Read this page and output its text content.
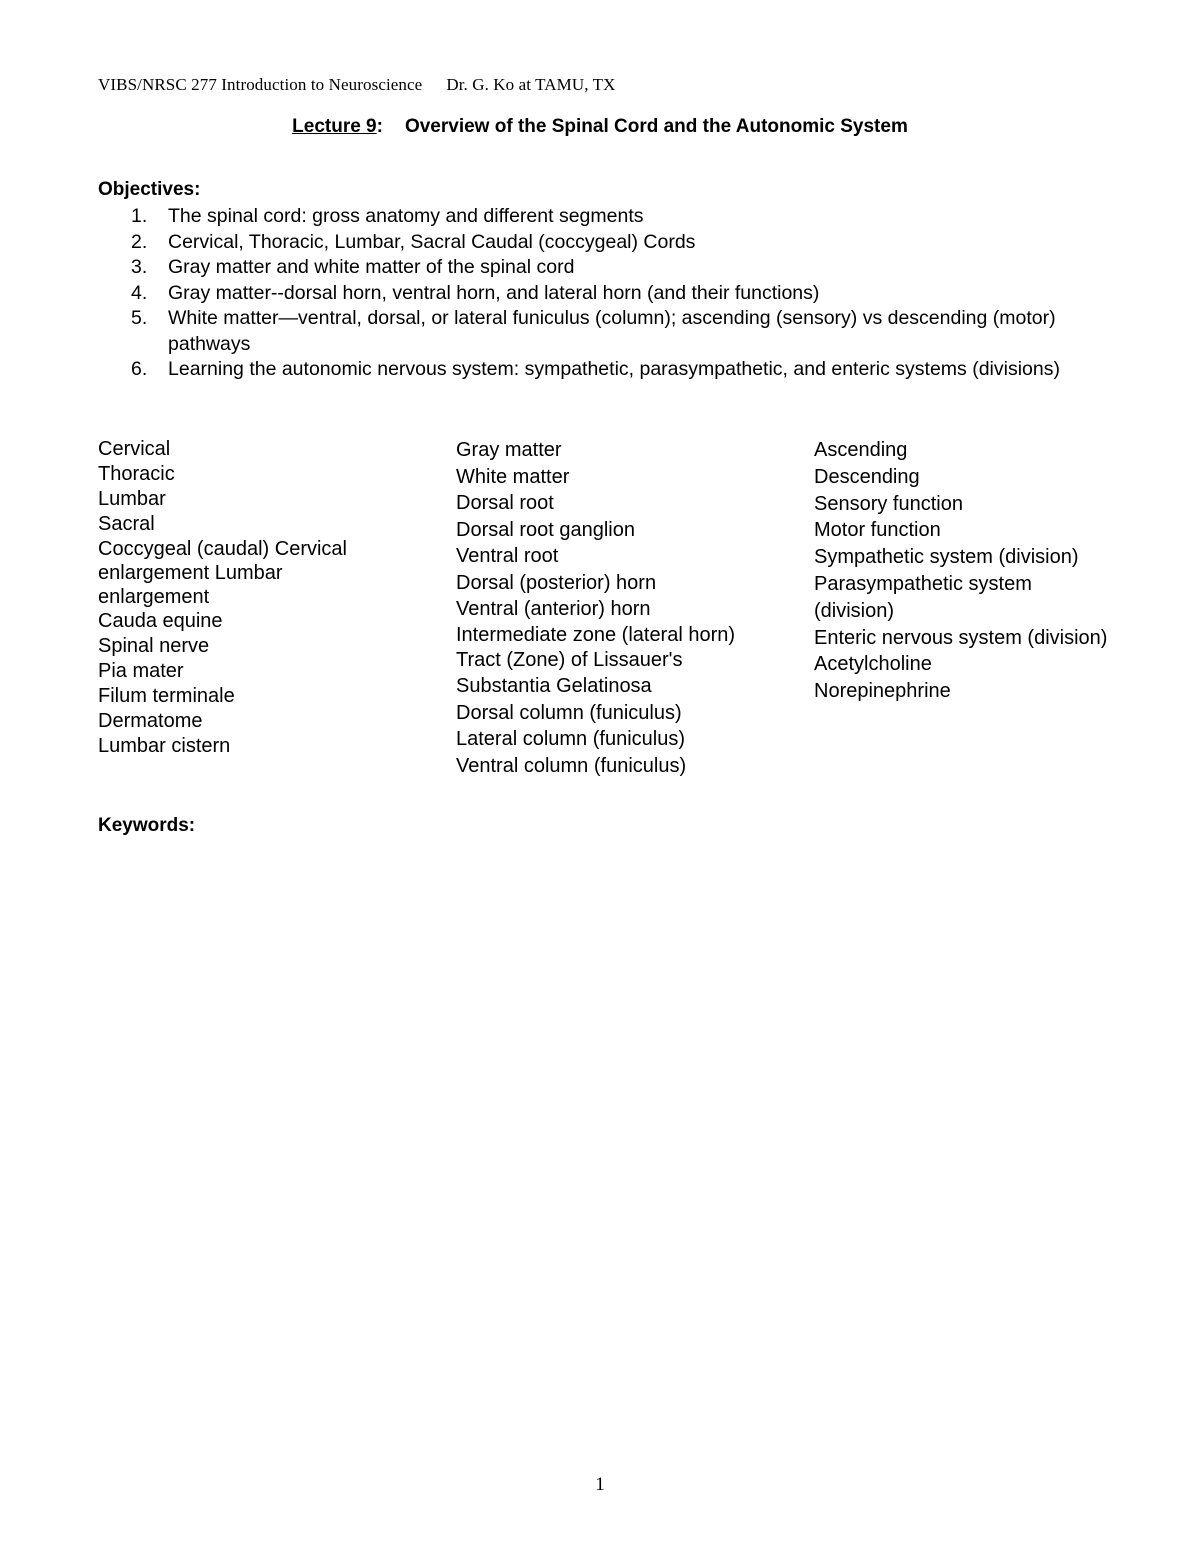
VIBS/NRSC 277 Introduction to Neuroscience Dr. G. Ko at TAMU, TX
Lecture 9: Overview of the Spinal Cord and the Autonomic System
Objectives:
1. The spinal cord: gross anatomy and different segments
2. Cervical, Thoracic, Lumbar, Sacral Caudal (coccygeal) Cords
3. Gray matter and white matter of the spinal cord
4. Gray matter--dorsal horn, ventral horn, and lateral horn (and their functions)
5. White matter—ventral, dorsal, or lateral funiculus (column); ascending (sensory) vs descending (motor) pathways
6. Learning the autonomic nervous system: sympathetic, parasympathetic, and enteric systems (divisions)
Cervical
Thoracic
Lumbar
Sacral
Coccygeal (caudal) Cervical enlargement Lumbar enlargement
Cauda equine
Spinal nerve
Pia mater
Filum terminale
Dermatome
Lumbar cistern
Gray matter
White matter
Dorsal root
Dorsal root ganglion
Ventral root
Dorsal (posterior) horn
Ventral (anterior) horn
Intermediate zone (lateral horn)
Tract (Zone) of Lissauer's
Substantia Gelatinosa
Dorsal column (funiculus)
Lateral column (funiculus)
Ventral column (funiculus)
Ascending
Descending
Sensory function
Motor function
Sympathetic system (division)
Parasympathetic system (division)
Enteric nervous system (division)
Acetylcholine
Norepinephrine
Keywords:
1
